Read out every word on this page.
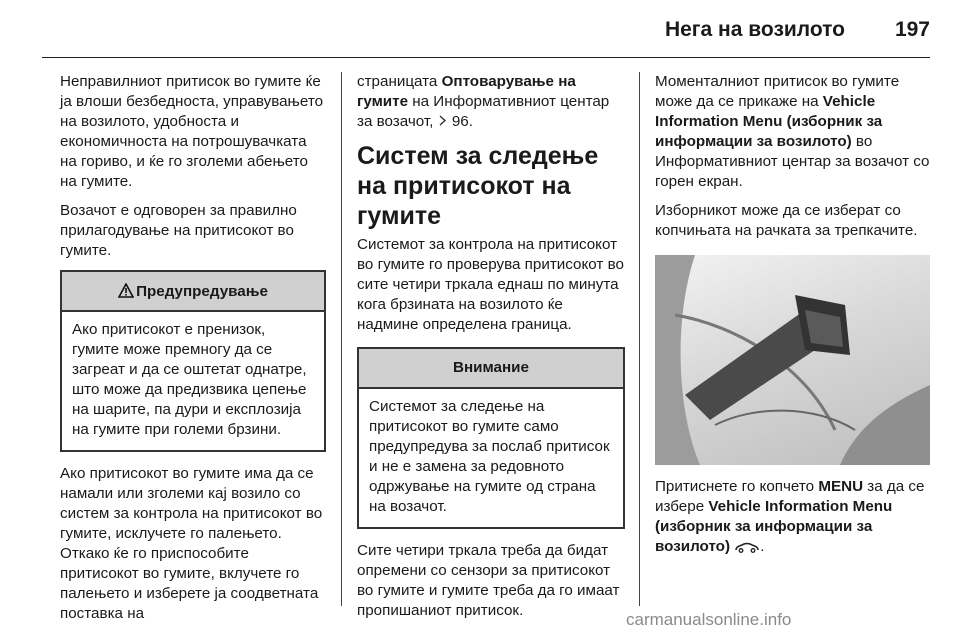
Нега на возилото	197

Неправилниот притисок во гумите ќе ја влоши безбедноста, управувањето на возилото, удобноста и економичноста на потрошувачката на гориво, и ќе го зголеми абењето на гумите.

Возачот е одговорен за правилно прилагодување на притисокот во гумите.

Предупредување
Ако притисокот е пренизок, гумите може премногу да се загреат и да се оштетат однатре, што може да предизвика цепење на шарите, па дури и експлозија на гумите при големи брзини.

Ако притисокот во гумите има да се намали или зголеми кај возило со систем за контрола на притисокот во гумите, исклучете го палењето. Откако ќе го приспособите притисокот во гумите, вклучете го палењето и изберете ја соодветната поставка на

страницата Оптоварување на гумите на Информативниот центар за возачот,  96.

Систем за следење на притисокот на гумите

Системот за контрола на притисокот во гумите го проверува притисокот во сите четири тркала еднаш по минута кога брзината на возилото ќе надмине определена граница.

Внимание
Системот за следење на притисокот во гумите само предупредува за послаб притисок и не е замена за редовното одржување на гумите од страна на возачот.

Сите четири тркала треба да бидат опремени со сензори за притисокот во гумите и гумите треба да го имаат пропишаниот притисок.

Моменталниот притисок во гумите може да се прикаже на Vehicle Information Menu (изборник за информации за возилото) во Информативниот центар за возачот со горен екран.

Изборникот може да се изберат со копчињата на рачката за трепкачите.

Притиснете го копчето MENU за да се избере Vehicle Information Menu (изборник за информации за возилото) .

carmanualsonline.info
